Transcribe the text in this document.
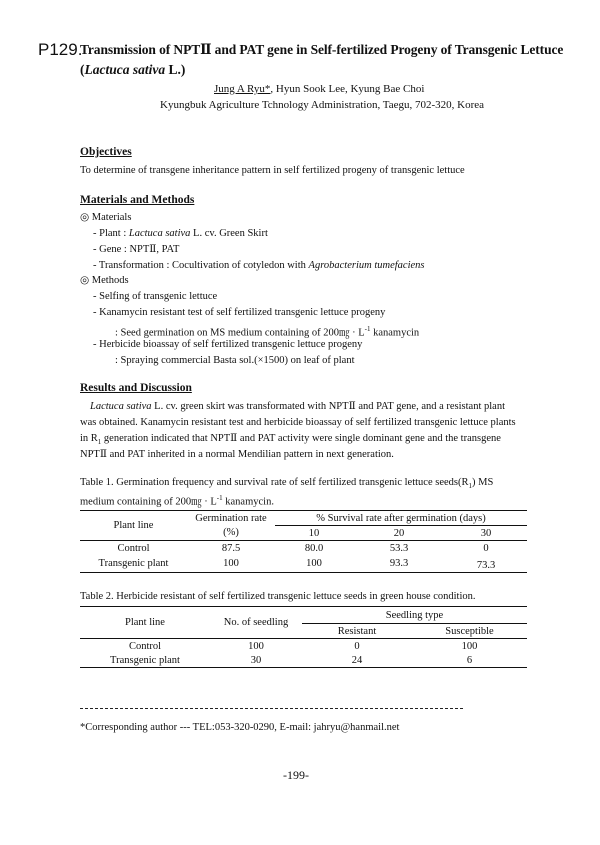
P129.
Transmission of NPTⅡ and PAT gene in Self-fertilized Progeny of Transgenic Lettuce
(Lactuca sativa L.)
Jung A Ryu*, Hyun Sook Lee, Kyung Bae Choi
Kyungbuk Agriculture Tchnology Administration, Taegu, 702-320, Korea
Objectives
To determine of transgene inheritance pattern in self fertilized progeny of transgenic lettuce
Materials and Methods
◎ Materials
- Plant : Lactuca sativa L. cv. Green Skirt
- Gene : NPTⅡ, PAT
- Transformation : Cocultivation of cotyledon with Agrobacterium tumefaciens
◎ Methods
- Selfing of transgenic lettuce
- Kanamycin resistant test of self fertilized transgenic lettuce progeny
: Seed germination on MS medium containing of 200㎎ · $L^{-1}$ kanamycin
- Herbicide bioassay of self fertilized transgenic lettuce progeny
: Spraying commercial Basta sol.(×1500) on leaf of plant
Results and Discussion
Lactuca sativa L. cv. green skirt was transformated with NPTⅡ and PAT gene, and a resistant plant
was obtained. Kanamycin resistant test and herbicide bioassay of self fertilized transgenic lettuce plants
in $R_1$ generation indicated that NPTⅡ and PAT activity were single dominant gene and the transgene
NPTⅡ and PAT inherited in a normal Mendilian pattern in next generation.
Table 1. Germination frequency and survival rate of self fertilized transgenic lettuce $seeds(R_1)$ MS
medium containing of 200㎎ · $L^{-1}$ kanamycin.
Plant line	Germination rate	% Survival rate after germination (days)		
	(%)	10	20	30
Control	87.5	80.0	53.3	0
Transgenic plant	100	100	93.3	73.3
Table 2. Herbicide resistant of self fertilized transgenic lettuce seeds in green house condition.
Plant line	No. of seedling	Seedling type	
		Resistant	Susceptible
Control	100	0	100
Transgenic plant	30	24	6
*Corresponding author --- TEL:053-320-0290, E-mail: jahryu@hanmail.net
-199-
